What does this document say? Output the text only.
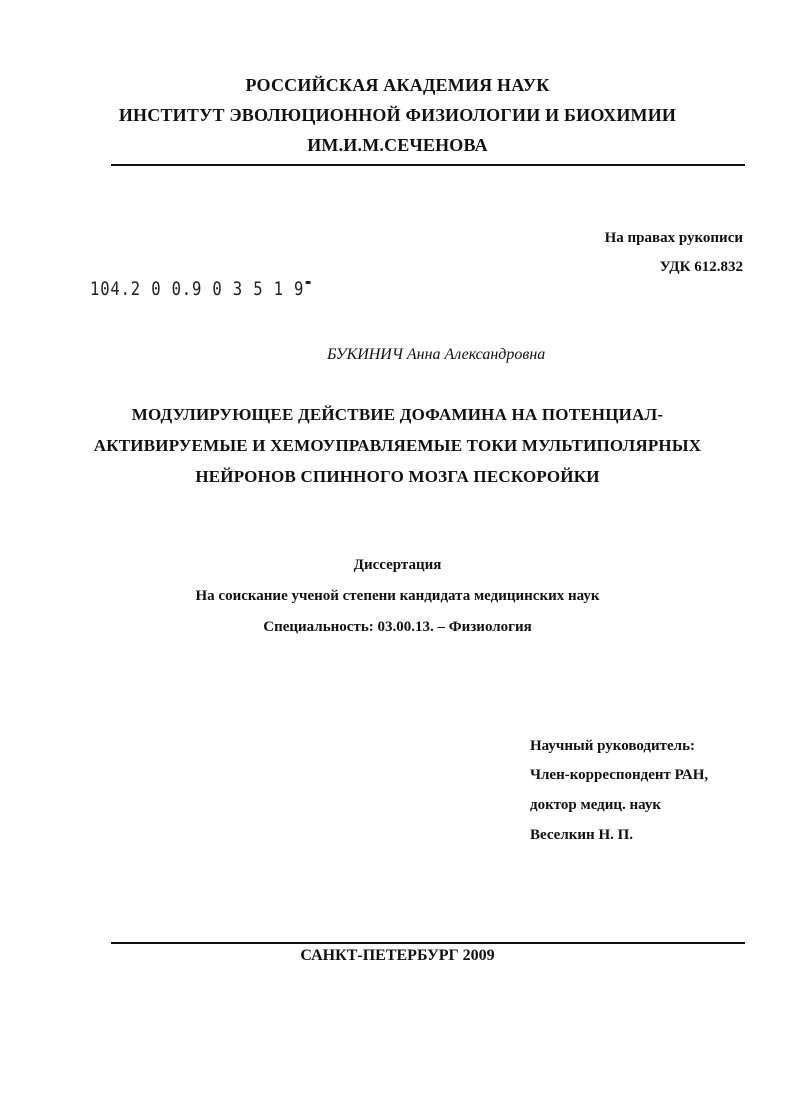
РОССИЙСКАЯ АКАДЕМИЯ НАУК
ИНСТИТУТ ЭВОЛЮЦИОННОЙ ФИЗИОЛОГИИ И БИОХИМИИ
ИМ.И.М.СЕЧЕНОВА
На правах рукописи
УДК 612.832
104.2 0 0.9 0 3 5 1 9
БУКИНИЧ Анна Александровна
МОДУЛИРУЮЩЕЕ ДЕЙСТВИЕ ДОФАМИНА НА ПОТЕНЦИАЛ-
АКТИВИРУЕМЫЕ И ХЕМОУПРАВЛЯЕМЫЕ ТОКИ МУЛЬТИПОЛЯРНЫХ
НЕЙРОНОВ СПИННОГО МОЗГА ПЕСКОРОЙКИ
Диссертация
На соискание ученой степени кандидата медицинских наук
Специальность: 03.00.13. – Физиология
Научный руководитель:
Член-корреспондент РАН,
доктор медиц. наук
Веселкин Н. П.
САНКТ-ПЕТЕРБУРГ 2009
